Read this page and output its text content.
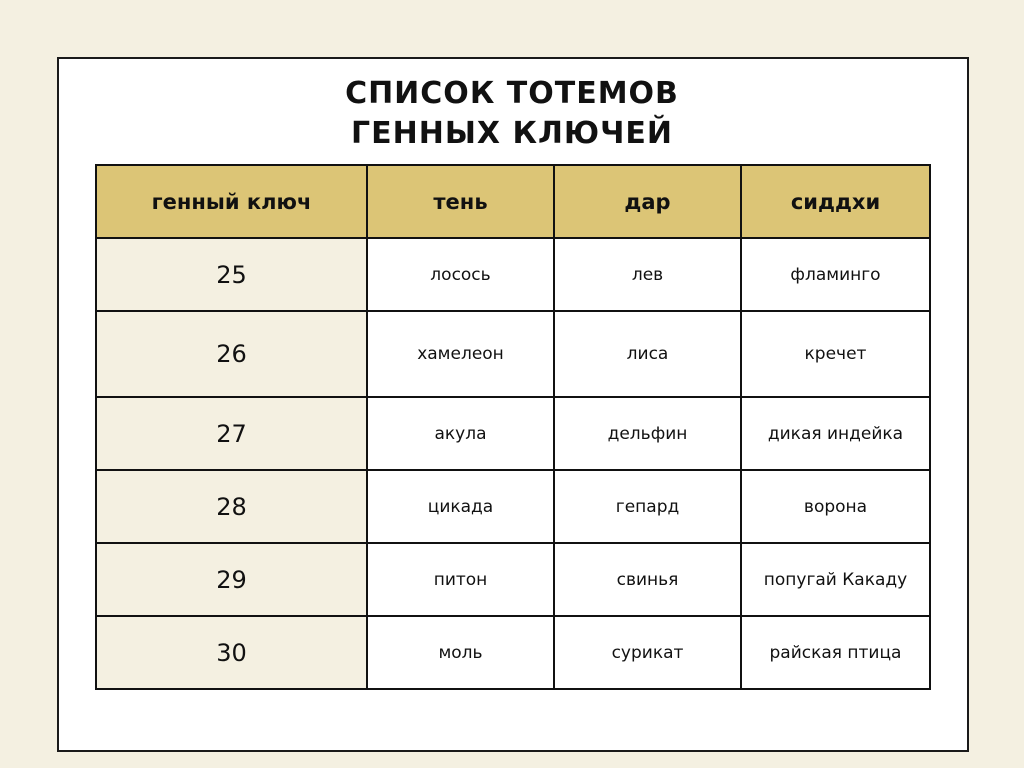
СПИСОК ТОТЕМОВ
ГЕННЫХ КЛЮЧЕЙ
генный ключ	тень	дар	сиддхи
25	лосось	лев	фламинго
26	хамелеон	лиса	кречет
27	акула	дельфин	дикая индейка
28	цикада	гепард	ворона
29	питон	свинья	попугай Какаду
30	моль	сурикат	райская птица
